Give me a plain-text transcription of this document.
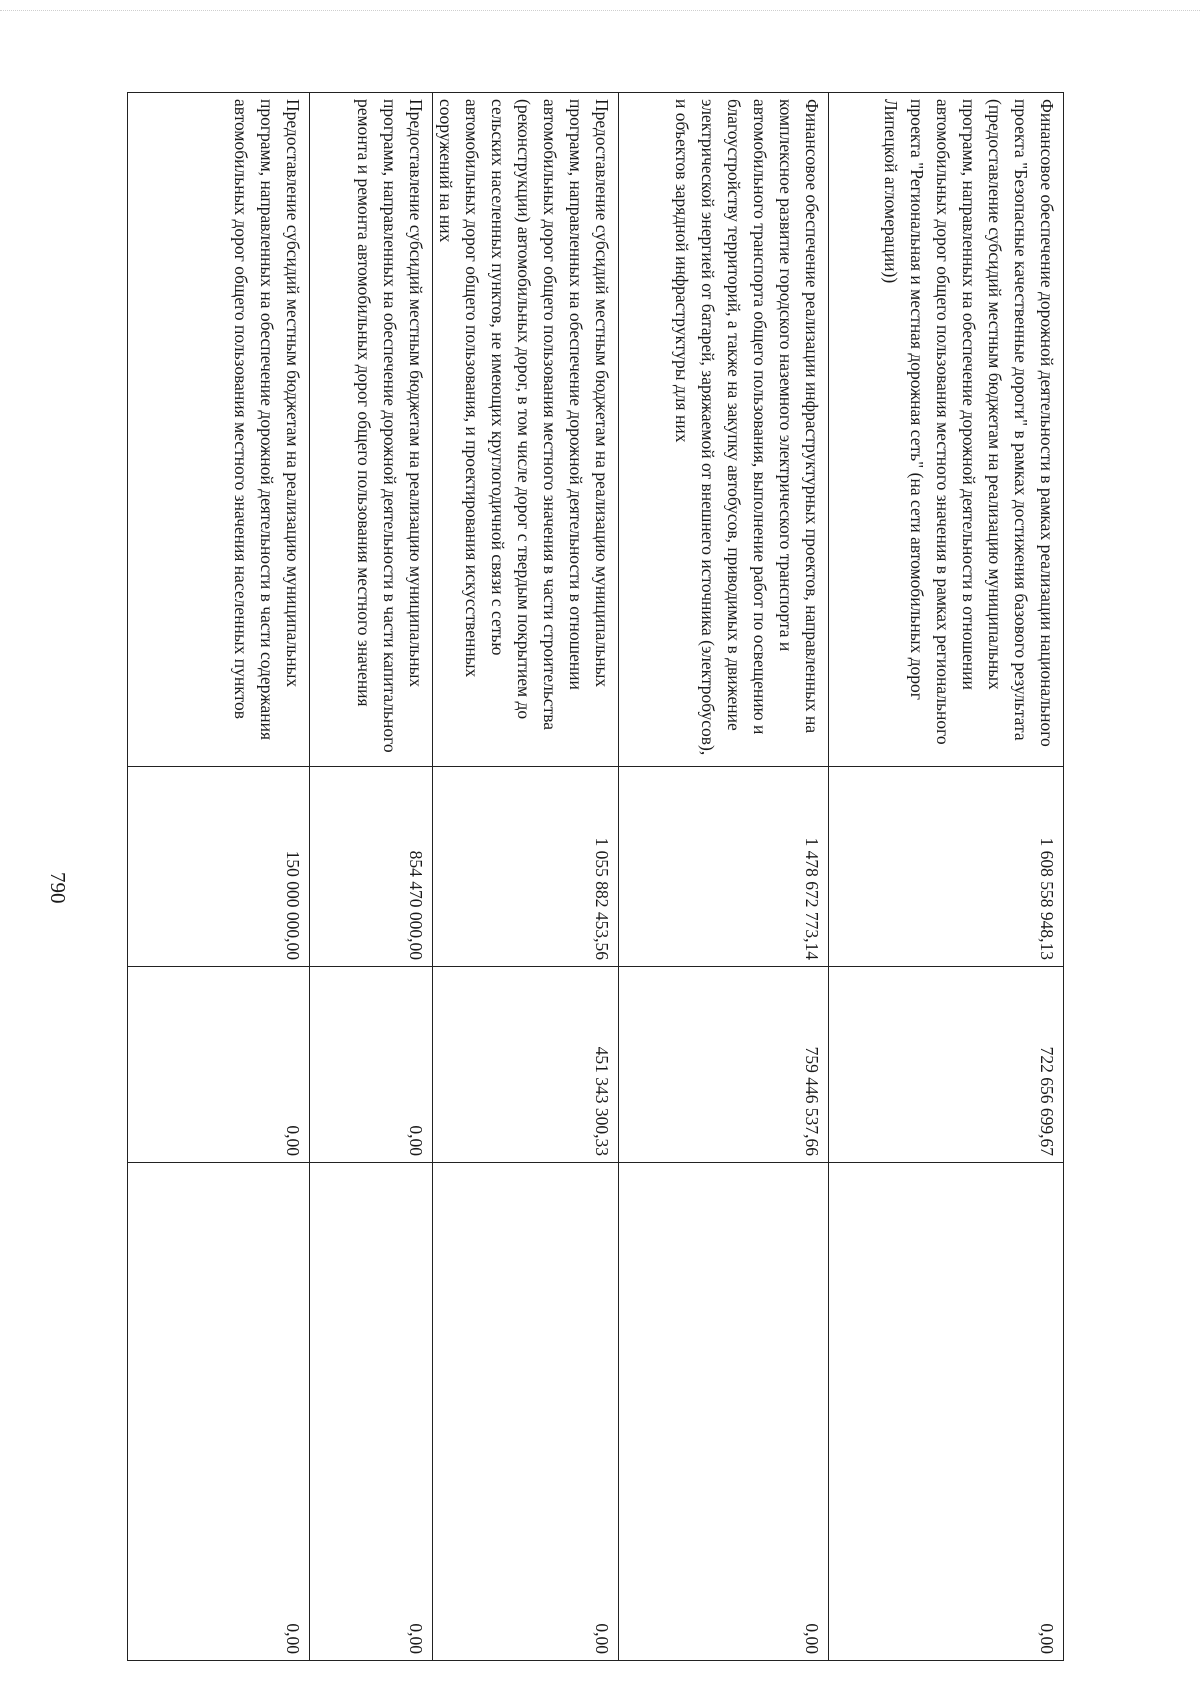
790
Финансовое обеспечение дорожной деятельности в рамках реализации национального проекта "Безопасные качественные дороги" в рамках достижения базового результата (предоставление субсидий местным бюджетам на реализацию муниципальных программ, направленных на обеспечение дорожной деятельности в отношении автомобильных дорог общего пользования местного значения в рамках регионального проекта "Региональная и местная дорожная сеть" (на сети автомобильных дорог Липецкой агломерации))	1 608 558 948,13	722 656 699,67	0,00
Финансовое обеспечение реализации инфраструктурных проектов, направленных на комплексное развитие городского наземного электрического транспорта и автомобильного транспорта общего пользования, выполнение работ по освещению и благоустройству территорий, а также на закупку автобусов, приводимых в движение электрической энергией от батарей, заряжаемой от внешнего источника (электробусов), и объектов зарядной инфраструктуры для них	1 478 672 773,14	759 446 537,66	0,00
Предоставление субсидий местным бюджетам на реализацию муниципальных программ, направленных на обеспечение дорожной деятельности в отношении автомобильных дорог общего пользования местного значения в части строительства (реконструкции) автомобильных дорог, в том числе дорог с твердым покрытием до сельских населенных пунктов, не имеющих круглогодичной связи с сетью автомобильных дорог общего пользования, и проектирования искусственных сооружений на них	1 055 882 453,56	451 343 300,33	0,00
Предоставление субсидий местным бюджетам на реализацию муниципальных программ, направленных на обеспечение дорожной деятельности в части капитального ремонта и ремонта автомобильных дорог общего пользования местного значения	854 470 000,00	0,00	0,00
Предоставление субсидий местным бюджетам на реализацию муниципальных программ, направленных на обеспечение дорожной деятельности в части содержания автомобильных дорог общего пользования местного значения населенных пунктов	150 000 000,00	0,00	0,00
